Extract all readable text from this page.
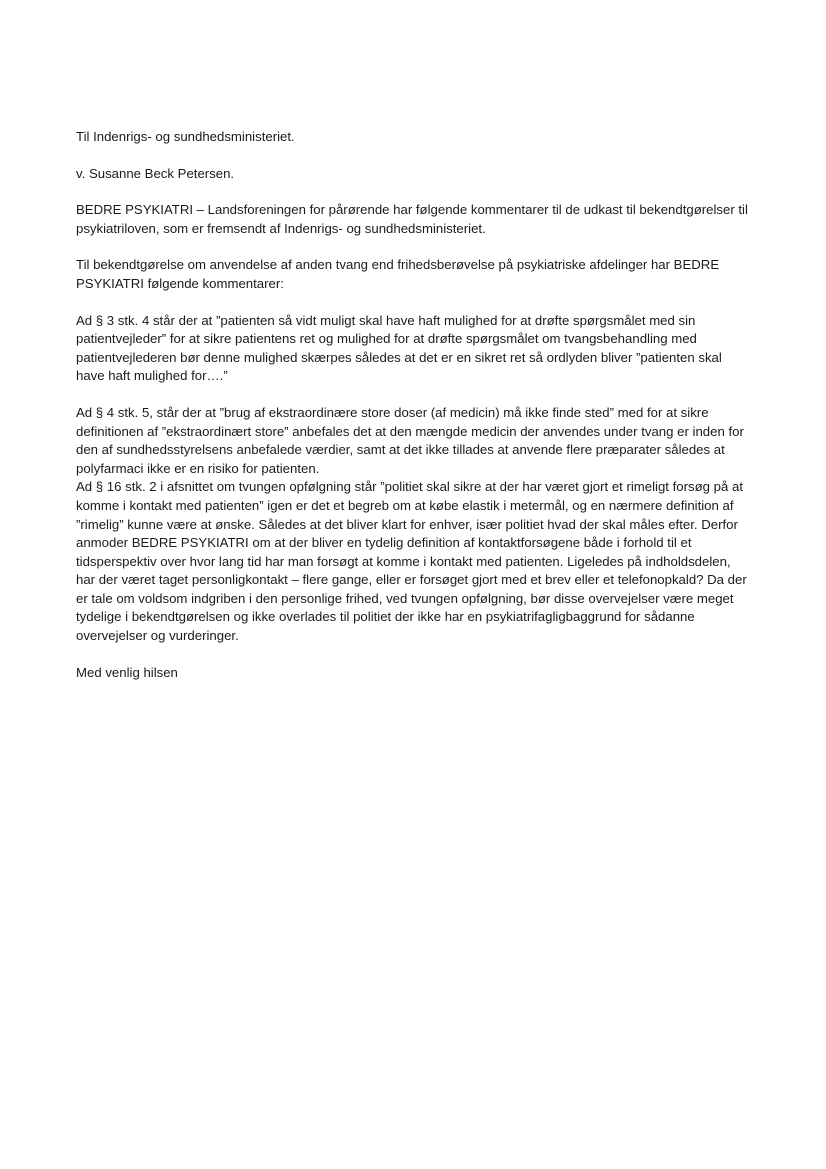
Til Indenrigs- og sundhedsministeriet.

v. Susanne Beck Petersen.

BEDRE PSYKIATRI – Landsforeningen for pårørende har følgende kommentarer til de udkast til bekendtgørelser til psykiatriloven, som er fremsendt af Indenrigs- og sundhedsministeriet.

Til bekendtgørelse om anvendelse af anden tvang end frihedsberøvelse på psykiatriske afdelinger har BEDRE PSYKIATRI følgende kommentarer:

Ad § 3 stk. 4 står der at ”patienten så vidt muligt skal have haft mulighed for at drøfte spørgsmålet med sin patientvejleder” for at sikre patientens ret og mulighed for at drøfte spørgsmålet om tvangsbehandling med patientvejlederen bør denne mulighed skærpes således at det er en sikret ret så ordlyden bliver ”patienten skal have haft mulighed for….”

Ad § 4 stk. 5, står der at ”brug af ekstraordinære store doser (af medicin) må ikke finde sted” med for at sikre definitionen af ”ekstraordinært store” anbefales det at den mængde medicin der anvendes under tvang er inden for den af sundhedsstyrelsens anbefalede værdier, samt at det ikke tillades at anvende flere præparater således at polyfarmaci ikke er en risiko for patienten.

Ad § 16 stk. 2 i afsnittet om tvungen opfølgning står ”politiet skal sikre at der har været gjort et rimeligt forsøg på at komme i kontakt med patienten” igen er det et begreb om at købe elastik i metermål, og en nærmere definition af ”rimelig” kunne være at ønske. Således at det bliver klart for enhver, især politiet hvad der skal måles efter. Derfor anmoder BEDRE PSYKIATRI om at der bliver en tydelig definition af kontaktforsøgene både i forhold til et tidsperspektiv over hvor lang tid har man forsøgt at komme i kontakt med patienten. Ligeledes på indholdsdelen, har der været taget personligkontakt – flere gange, eller er forsøget gjort med et brev eller et telefonopkald? Da der er tale om voldsom indgriben i den personlige frihed, ved tvungen opfølgning, bør disse overvejelser være meget tydelige i bekendtgørelsen og ikke overlades til politiet der ikke har en psykiatrifagligbaggrund for sådanne overvejelser og vurderinger.

Med venlig hilsen
